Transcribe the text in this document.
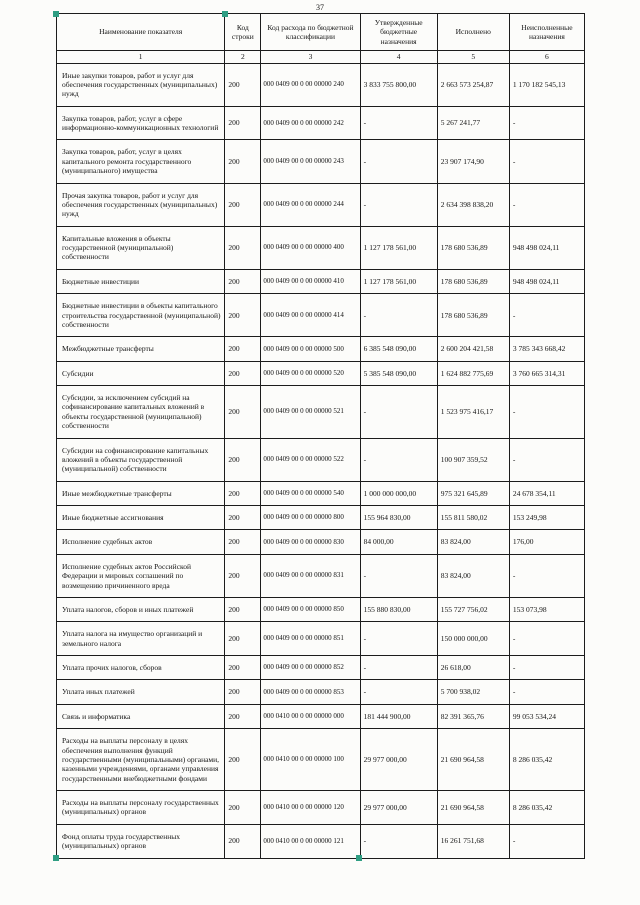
37
Наименование показателя	Код строки	Код расхода по бюджетной классификации	Утвержденные бюджетные назначения	Исполнено	Неисполненные назначения
1	2	3	4	5	6
Иные закупки товаров, работ и услуг для обеспечения государственных (муниципальных) нужд	200	000 0409 00 0 00 00000 240	3 833 755 800,00	2 663 573 254,87	1 170 182 545,13
Закупка товаров, работ, услуг в сфере информационно-коммуникационных технологий	200	000 0409 00 0 00 00000 242	-	5 267 241,77	-
Закупка товаров, работ, услуг в целях капитального ремонта государственного (муниципального) имущества	200	000 0409 00 0 00 00000 243	-	23 907 174,90	-
Прочая закупка товаров, работ и услуг для обеспечения государственных (муниципальных) нужд	200	000 0409 00 0 00 00000 244	-	2 634 398 838,20	-
Капитальные вложения в объекты государственной (муниципальной) собственности	200	000 0409 00 0 00 00000 400	1 127 178 561,00	178 680 536,89	948 498 024,11
Бюджетные инвестиции	200	000 0409 00 0 00 00000 410	1 127 178 561,00	178 680 536,89	948 498 024,11
Бюджетные инвестиции в объекты капитального строительства государственной (муниципальной) собственности	200	000 0409 00 0 00 00000 414	-	178 680 536,89	-
Межбюджетные трансферты	200	000 0409 00 0 00 00000 500	6 385 548 090,00	2 600 204 421,58	3 785 343 668,42
Субсидии	200	000 0409 00 0 00 00000 520	5 385 548 090,00	1 624 882 775,69	3 760 665 314,31
Субсидии, за исключением субсидий на софинансирование капитальных вложений в объекты государственной (муниципальной) собственности	200	000 0409 00 0 00 00000 521	-	1 523 975 416,17	-
Субсидии на софинансирование капитальных вложений в объекты государственной (муниципальной) собственности	200	000 0409 00 0 00 00000 522	-	100 907 359,52	-
Иные межбюджетные трансферты	200	000 0409 00 0 00 00000 540	1 000 000 000,00	975 321 645,89	24 678 354,11
Иные бюджетные ассигнования	200	000 0409 00 0 00 00000 800	155 964 830,00	155 811 580,02	153 249,98
Исполнение судебных актов	200	000 0409 00 0 00 00000 830	84 000,00	83 824,00	176,00
Исполнение судебных актов Российской Федерации и мировых соглашений по возмещению причиненного вреда	200	000 0409 00 0 00 00000 831	-	83 824,00	-
Уплата налогов, сборов и иных платежей	200	000 0409 00 0 00 00000 850	155 880 830,00	155 727 756,02	153 073,98
Уплата налога на имущество организаций и земельного налога	200	000 0409 00 0 00 00000 851	-	150 000 000,00	-
Уплата прочих налогов, сборов	200	000 0409 00 0 00 00000 852	-	26 618,00	-
Уплата иных платежей	200	000 0409 00 0 00 00000 853	-	5 700 938,02	-
Связь и информатика	200	000 0410 00 0 00 00000 000	181 444 900,00	82 391 365,76	99 053 534,24
Расходы на выплаты персоналу в целях обеспечения выполнения функций государственными (муниципальными) органами, казенными учреждениями, органами управления государственными внебюджетными фондами	200	000 0410 00 0 00 00000 100	29 977 000,00	21 690 964,58	8 286 035,42
Расходы на выплаты персоналу государственных (муниципальных) органов	200	000 0410 00 0 00 00000 120	29 977 000,00	21 690 964,58	8 286 035,42
Фонд оплаты труда государственных (муниципальных) органов	200	000 0410 00 0 00 00000 121	-	16 261 751,68	-
